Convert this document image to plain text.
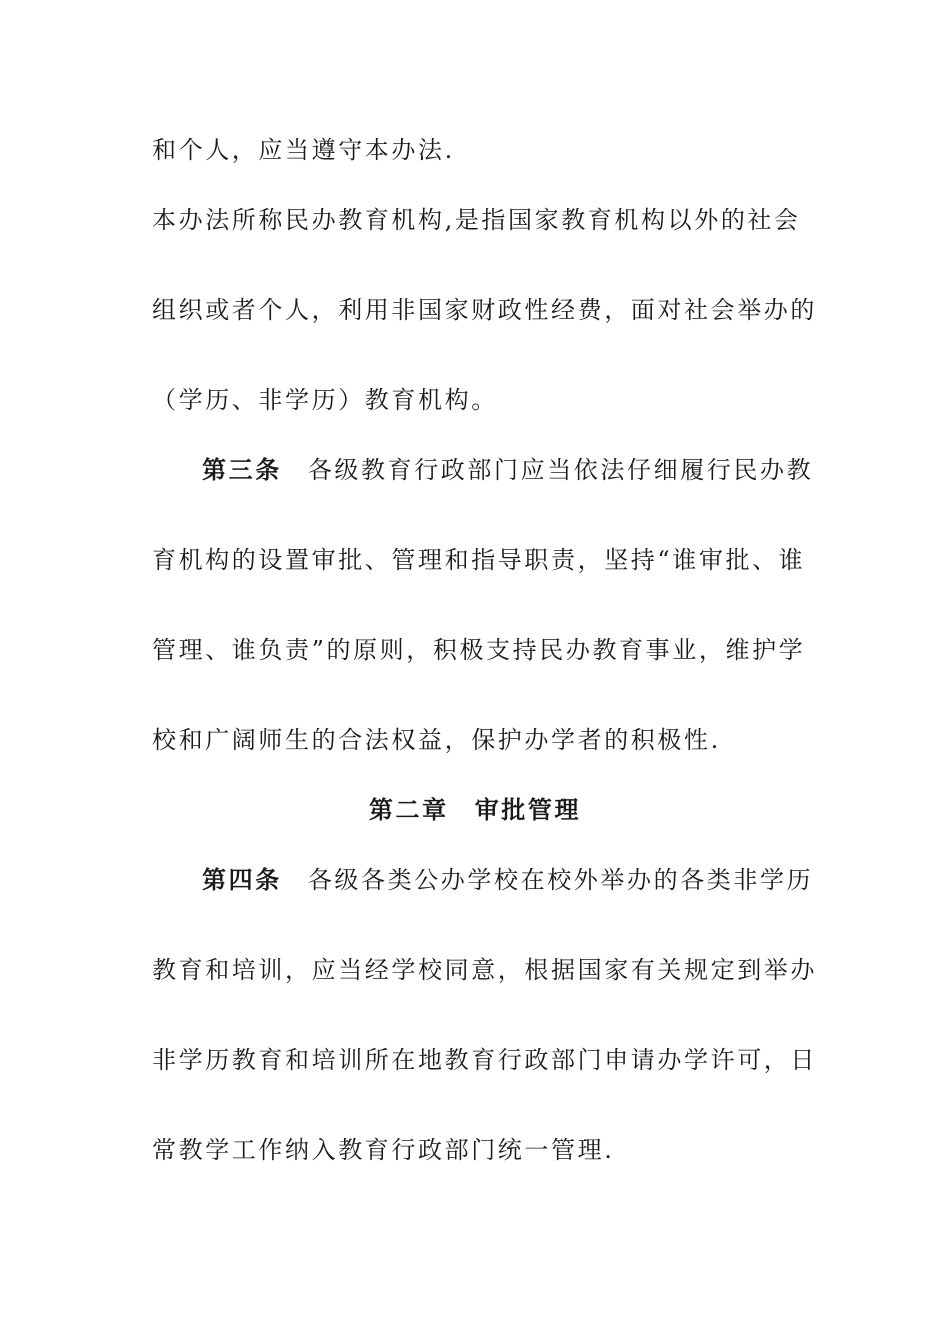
和个人，应当遵守本办法.
本办法所称民办教育机构,是指国家教育机构以外的社会
组织或者个人，利用非国家财政性经费，面对社会举办的
（学历、非学历）教育机构。
第三条 各级教育行政部门应当依法仔细履行民办教
育机构的设置审批、管理和指导职责，坚持“谁审批、谁
管理、谁负责”的原则，积极支持民办教育事业，维护学
校和广阔师生的合法权益，保护办学者的积极性.
第二章 审批管理
第四条 各级各类公办学校在校外举办的各类非学历
教育和培训，应当经学校同意，根据国家有关规定到举办
非学历教育和培训所在地教育行政部门申请办学许可，日
常教学工作纳入教育行政部门统一管理.
